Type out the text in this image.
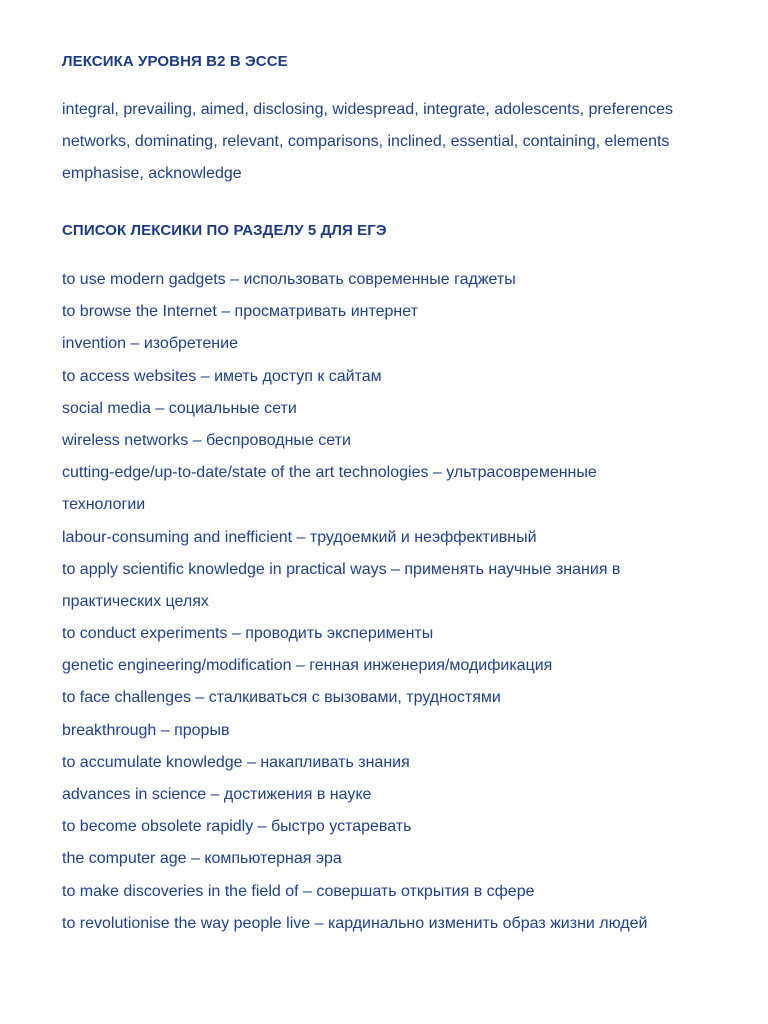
ЛЕКСИКА УРОВНЯ В2 В ЭССЕ
integral, prevailing, aimed, disclosing, widespread, integrate, adolescents, preferences
networks, dominating, relevant, comparisons, inclined, essential, containing, elements
emphasise, acknowledge
СПИСОК ЛЕКСИКИ ПО РАЗДЕЛУ 5 ДЛЯ ЕГЭ
to use modern gadgets – использовать современные гаджеты
to browse the Internet – просматривать интернет
invention – изобретение
to access websites – иметь доступ к сайтам
social media – социальные сети
wireless networks – беспроводные сети
cutting-edge/up-to-date/state of the art technologies – ультрасовременные
технологии
labour-consuming and inefficient – трудоемкий и неэффективный
to apply scientific knowledge in practical ways – применять научные знания в
практических целях
to conduct experiments – проводить эксперименты
genetic engineering/modification – генная инженерия/модификация
to face challenges – сталкиваться с вызовами, трудностями
breakthrough – прорыв
to accumulate knowledge – накапливать знания
advances in science – достижения в науке
to become obsolete rapidly – быстро устаревать
the computer age – компьютерная эра
to make discoveries in the field of – совершать открытия в сфере
to revolutionise the way people live – кардинально изменить образ жизни людей
